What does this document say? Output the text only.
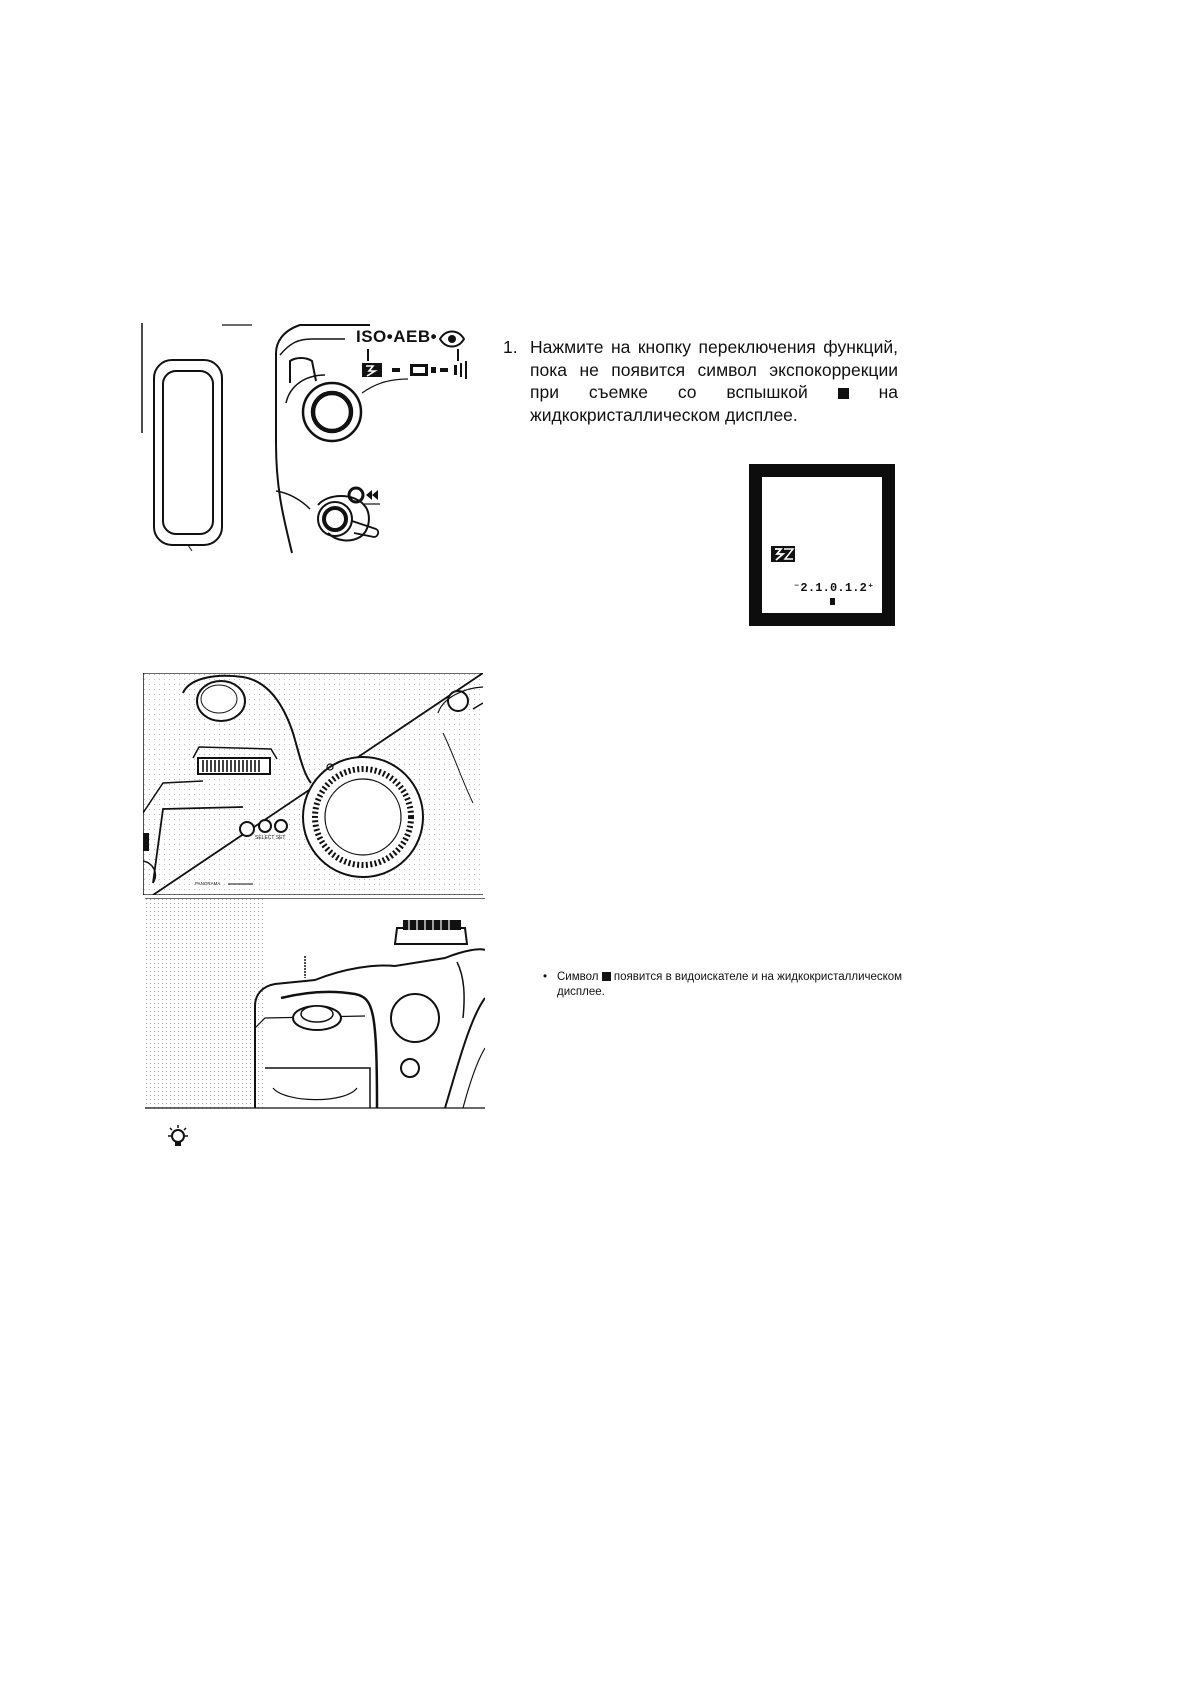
ISO•AEB•
1. Нажмите на кнопку переключения функций, пока не появится символ экспокоррекции при съемке со вспышкой	на жидкокристаллическом дисплее.
⁻2.1.0.1.2⁺
SELECT SET
PANORAMA
• Символ появится в видоискателе и на жидкокристаллическом дисплее.
